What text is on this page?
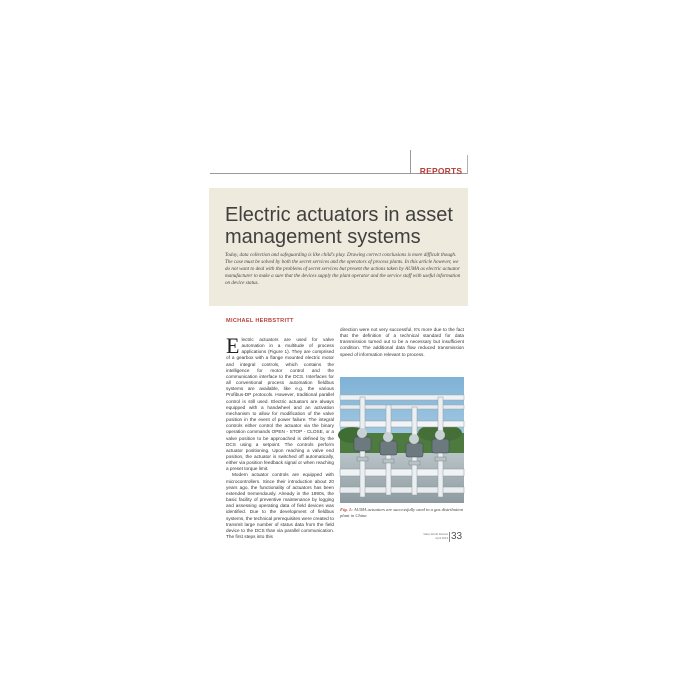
REPORTS
Electric actuators in asset management systems
Today, data collection and safeguarding is like child's play. Drawing correct conclusions is more difficult though. The case must be solved by both the secret services and the operators of process plants. In this article however, we do not want to deal with the problems of secret services but present the actions taken by AUMA as electric actuator manufacturer to make a sure that the devices supply the plant operator and the service staff with useful information on device status.
MICHAEL HERBSTRITT
Electric actuators are used for valve automation in a multitude of process applications (Figure 1). They are comprised of a gearbox with a flange mounted electric motor and integral controls, which contains the intelligence for motor control and the communication interface to the DCS. Interfaces for all conventional process automation fieldbus systems are available, like e.g. the various Profibus-DP protocols. However, traditional parallel control is still used. Electric actuators are always equipped with a handwheel and an activation mechanism to allow for modification of the valve position in the event of power failure. The integral controls either control the actuator via the binary operation commands OPEN - STOP - CLOSE, or a valve position to be approached is defined by the DCS using a setpoint. The controls perform actuator positioning. Upon reaching a valve end position, the actuator is switched off automatically, either via position feedback signal or when reaching a preset torque limit.
Modern actuator controls are equipped with microcontrollers. Since their introduction about 20 years ago, the functionality of actuators has been extended tremendously. Already in the 1990s, the basic facility of preventive maintenance by logging and assessing operating data of field devices was identified. Due to the development of fieldbus systems, the technical prerequisites were created to transmit large number of status data from the field device to the DCS than via parallel communication. The first steps into this
direction were not very successful. It's more due to the fact that the definition of a technical standard for data transmission turned out to be a necessary but insufficient condition. The additional data flow reduced transmission speed of information relevant to process.
Fig. 1: AUMA actuators are successfully used in a gas distribution plant in China
Valve World Review
April 2013 33
